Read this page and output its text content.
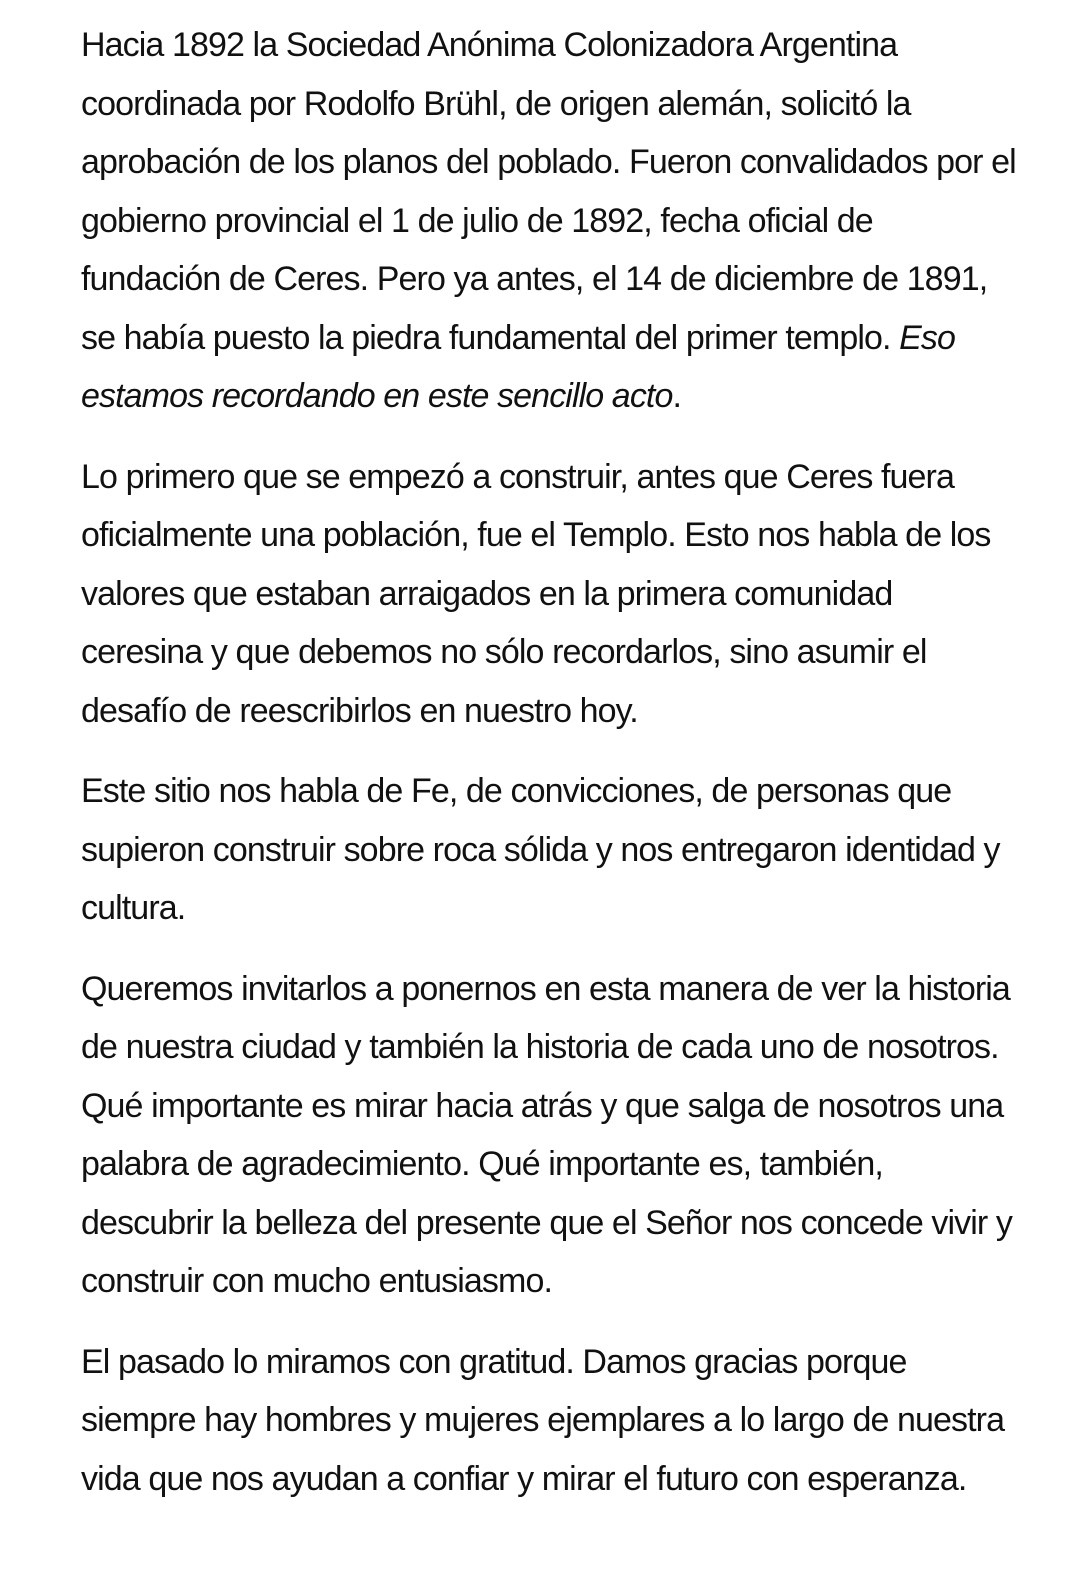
Hacia 1892 la Sociedad Anónima Colonizadora Argentina coordinada por Rodolfo Brühl, de origen alemán, solicitó la aprobación de los planos del poblado. Fueron convalidados por el gobierno provincial el 1 de julio de 1892, fecha oficial de fundación de Ceres. Pero ya antes, el 14 de diciembre de 1891, se había puesto la piedra fundamental del primer templo. Eso estamos recordando en este sencillo acto.

Lo primero que se empezó a construir, antes que Ceres fuera oficialmente una población, fue el Templo. Esto nos habla de los valores que estaban arraigados en la primera comunidad ceresina y que debemos no sólo recordarlos, sino asumir el desafío de reescribirlos en nuestro hoy.

Este sitio nos habla de Fe, de convicciones, de personas que supieron construir sobre roca sólida y nos entregaron identidad y cultura.

Queremos invitarlos a ponernos en esta manera de ver la historia de nuestra ciudad y también la historia de cada uno de nosotros. Qué importante es mirar hacia atrás y que salga de nosotros una palabra de agradecimiento. Qué importante es, también, descubrir la belleza del presente que el Señor nos concede vivir y construir con mucho entusiasmo.

El pasado lo miramos con gratitud. Damos gracias porque siempre hay hombres y mujeres ejemplares a lo largo de nuestra vida que nos ayudan a confiar y mirar el futuro con esperanza.
